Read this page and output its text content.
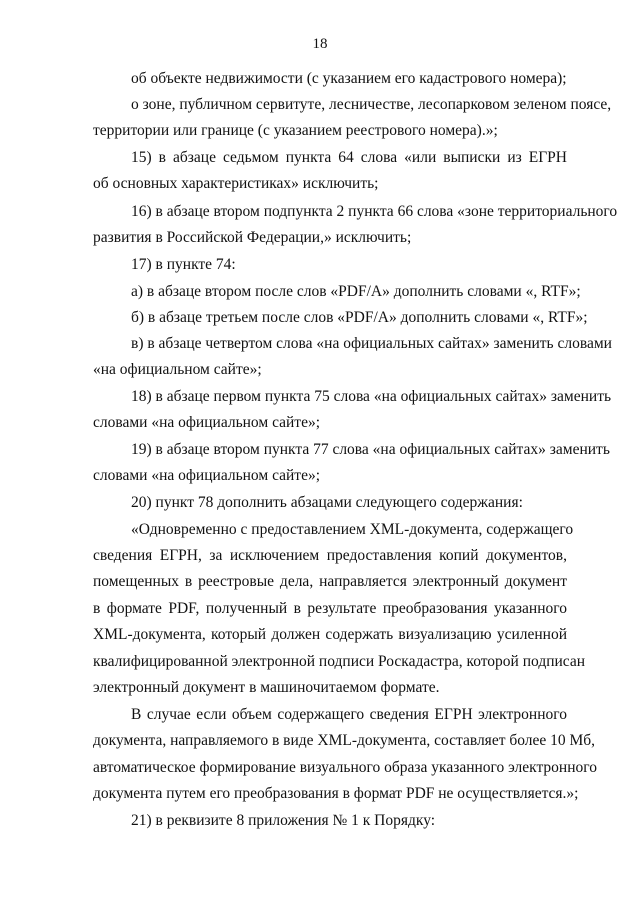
18
об объекте недвижимости (с указанием его кадастрового номера);
о зоне, публичном сервитуте, лесничестве, лесопарковом зеленом поясе,
территории или границе (с указанием реестрового номера).»;
15) в абзаце седьмом пункта 64 слова «или выписки из ЕГРН
об основных характеристиках» исключить;
16) в абзаце втором подпункта 2 пункта 66 слова «зоне территориального
развития в Российской Федерации,» исключить;
17) в пункте 74:
а) в абзаце втором после слов «PDF/A» дополнить словами «, RTF»;
б) в абзаце третьем после слов «PDF/A» дополнить словами «, RTF»;
в) в абзаце четвертом слова «на официальных сайтах» заменить словами
«на официальном сайте»;
18) в абзаце первом пункта 75 слова «на официальных сайтах» заменить
словами «на официальном сайте»;
19) в абзаце втором пункта 77 слова «на официальных сайтах» заменить
словами «на официальном сайте»;
20) пункт 78 дополнить абзацами следующего содержания:
«Одновременно с предоставлением XML-документа, содержащего
сведения ЕГРН, за исключением предоставления копий документов,
помещенных в реестровые дела, направляется электронный документ
в формате PDF, полученный в результате преобразования указанного
XML-документа, который должен содержать визуализацию усиленной
квалифицированной электронной подписи Роскадастра, которой подписан
электронный документ в машиночитаемом формате.
В случае если объем содержащего сведения ЕГРН электронного
документа, направляемого в виде XML-документа, составляет более 10 Мб,
автоматическое формирование визуального образа указанного электронного
документа путем его преобразования в формат PDF не осуществляется.»;
21) в реквизите 8 приложения № 1 к Порядку:
